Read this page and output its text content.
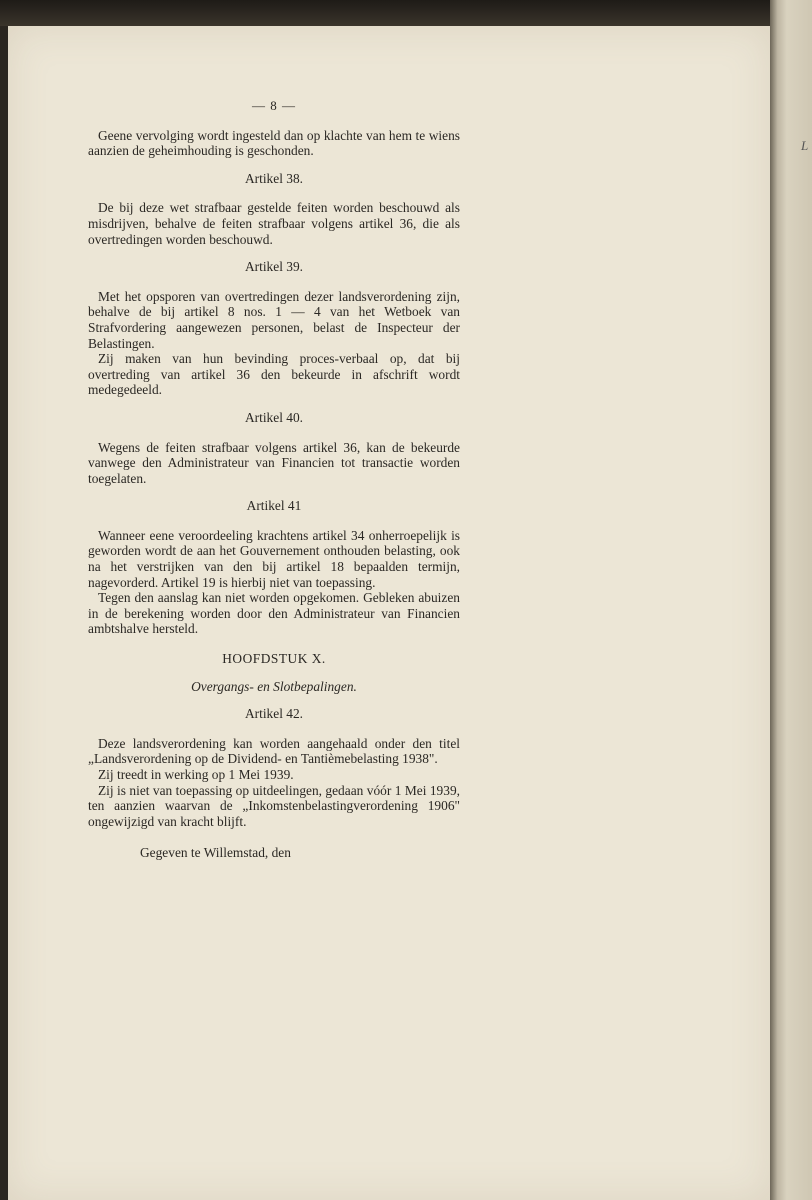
— 8 —

Geene vervolging wordt ingesteld dan op klachte van hem te wiens aanzien de geheimhouding is geschonden.

Artikel 38.

De bij deze wet strafbaar gestelde feiten worden beschouwd als misdrijven, behalve de feiten strafbaar volgens artikel 36, die als overtredingen worden beschouwd.

Artikel 39.

Met het opsporen van overtredingen dezer landsverordening zijn, behalve de bij artikel 8 nos. 1 — 4 van het Wetboek van Strafvordering aangewezen personen, belast de Inspecteur der Belastingen.

Zij maken van hun bevinding proces-verbaal op, dat bij overtreding van artikel 36 den bekeurde in afschrift wordt medegedeeld.

Artikel 40.

Wegens de feiten strafbaar volgens artikel 36, kan de bekeurde vanwege den Administrateur van Financien tot transactie worden toegelaten.

Artikel 41

Wanneer eene veroordeeling krachtens artikel 34 onherroepelijk is geworden wordt de aan het Gouvernement onthouden belasting, ook na het verstrijken van den bij artikel 18 bepaalden termijn, nagevorderd. Artikel 19 is hierbij niet van toepassing.

Tegen den aanslag kan niet worden opgekomen. Gebleken abuizen in de berekening worden door den Administrateur van Financien ambtshalve hersteld.

HOOFDSTUK X.
Overgangs- en Slotbepalingen.
Artikel 42.

Deze landsverordening kan worden aangehaald onder den titel „Landsverordening op de Dividend- en Tantièmebelasting 1938".

Zij treedt in werking op 1 Mei 1939.

Zij is niet van toepassing op uitdeelingen, gedaan vóór 1 Mei 1939, ten aanzien waarvan de „Inkomstenbelastingverordening 1906" ongewijzigd van kracht blijft.

Gegeven te Willemstad, den

L
